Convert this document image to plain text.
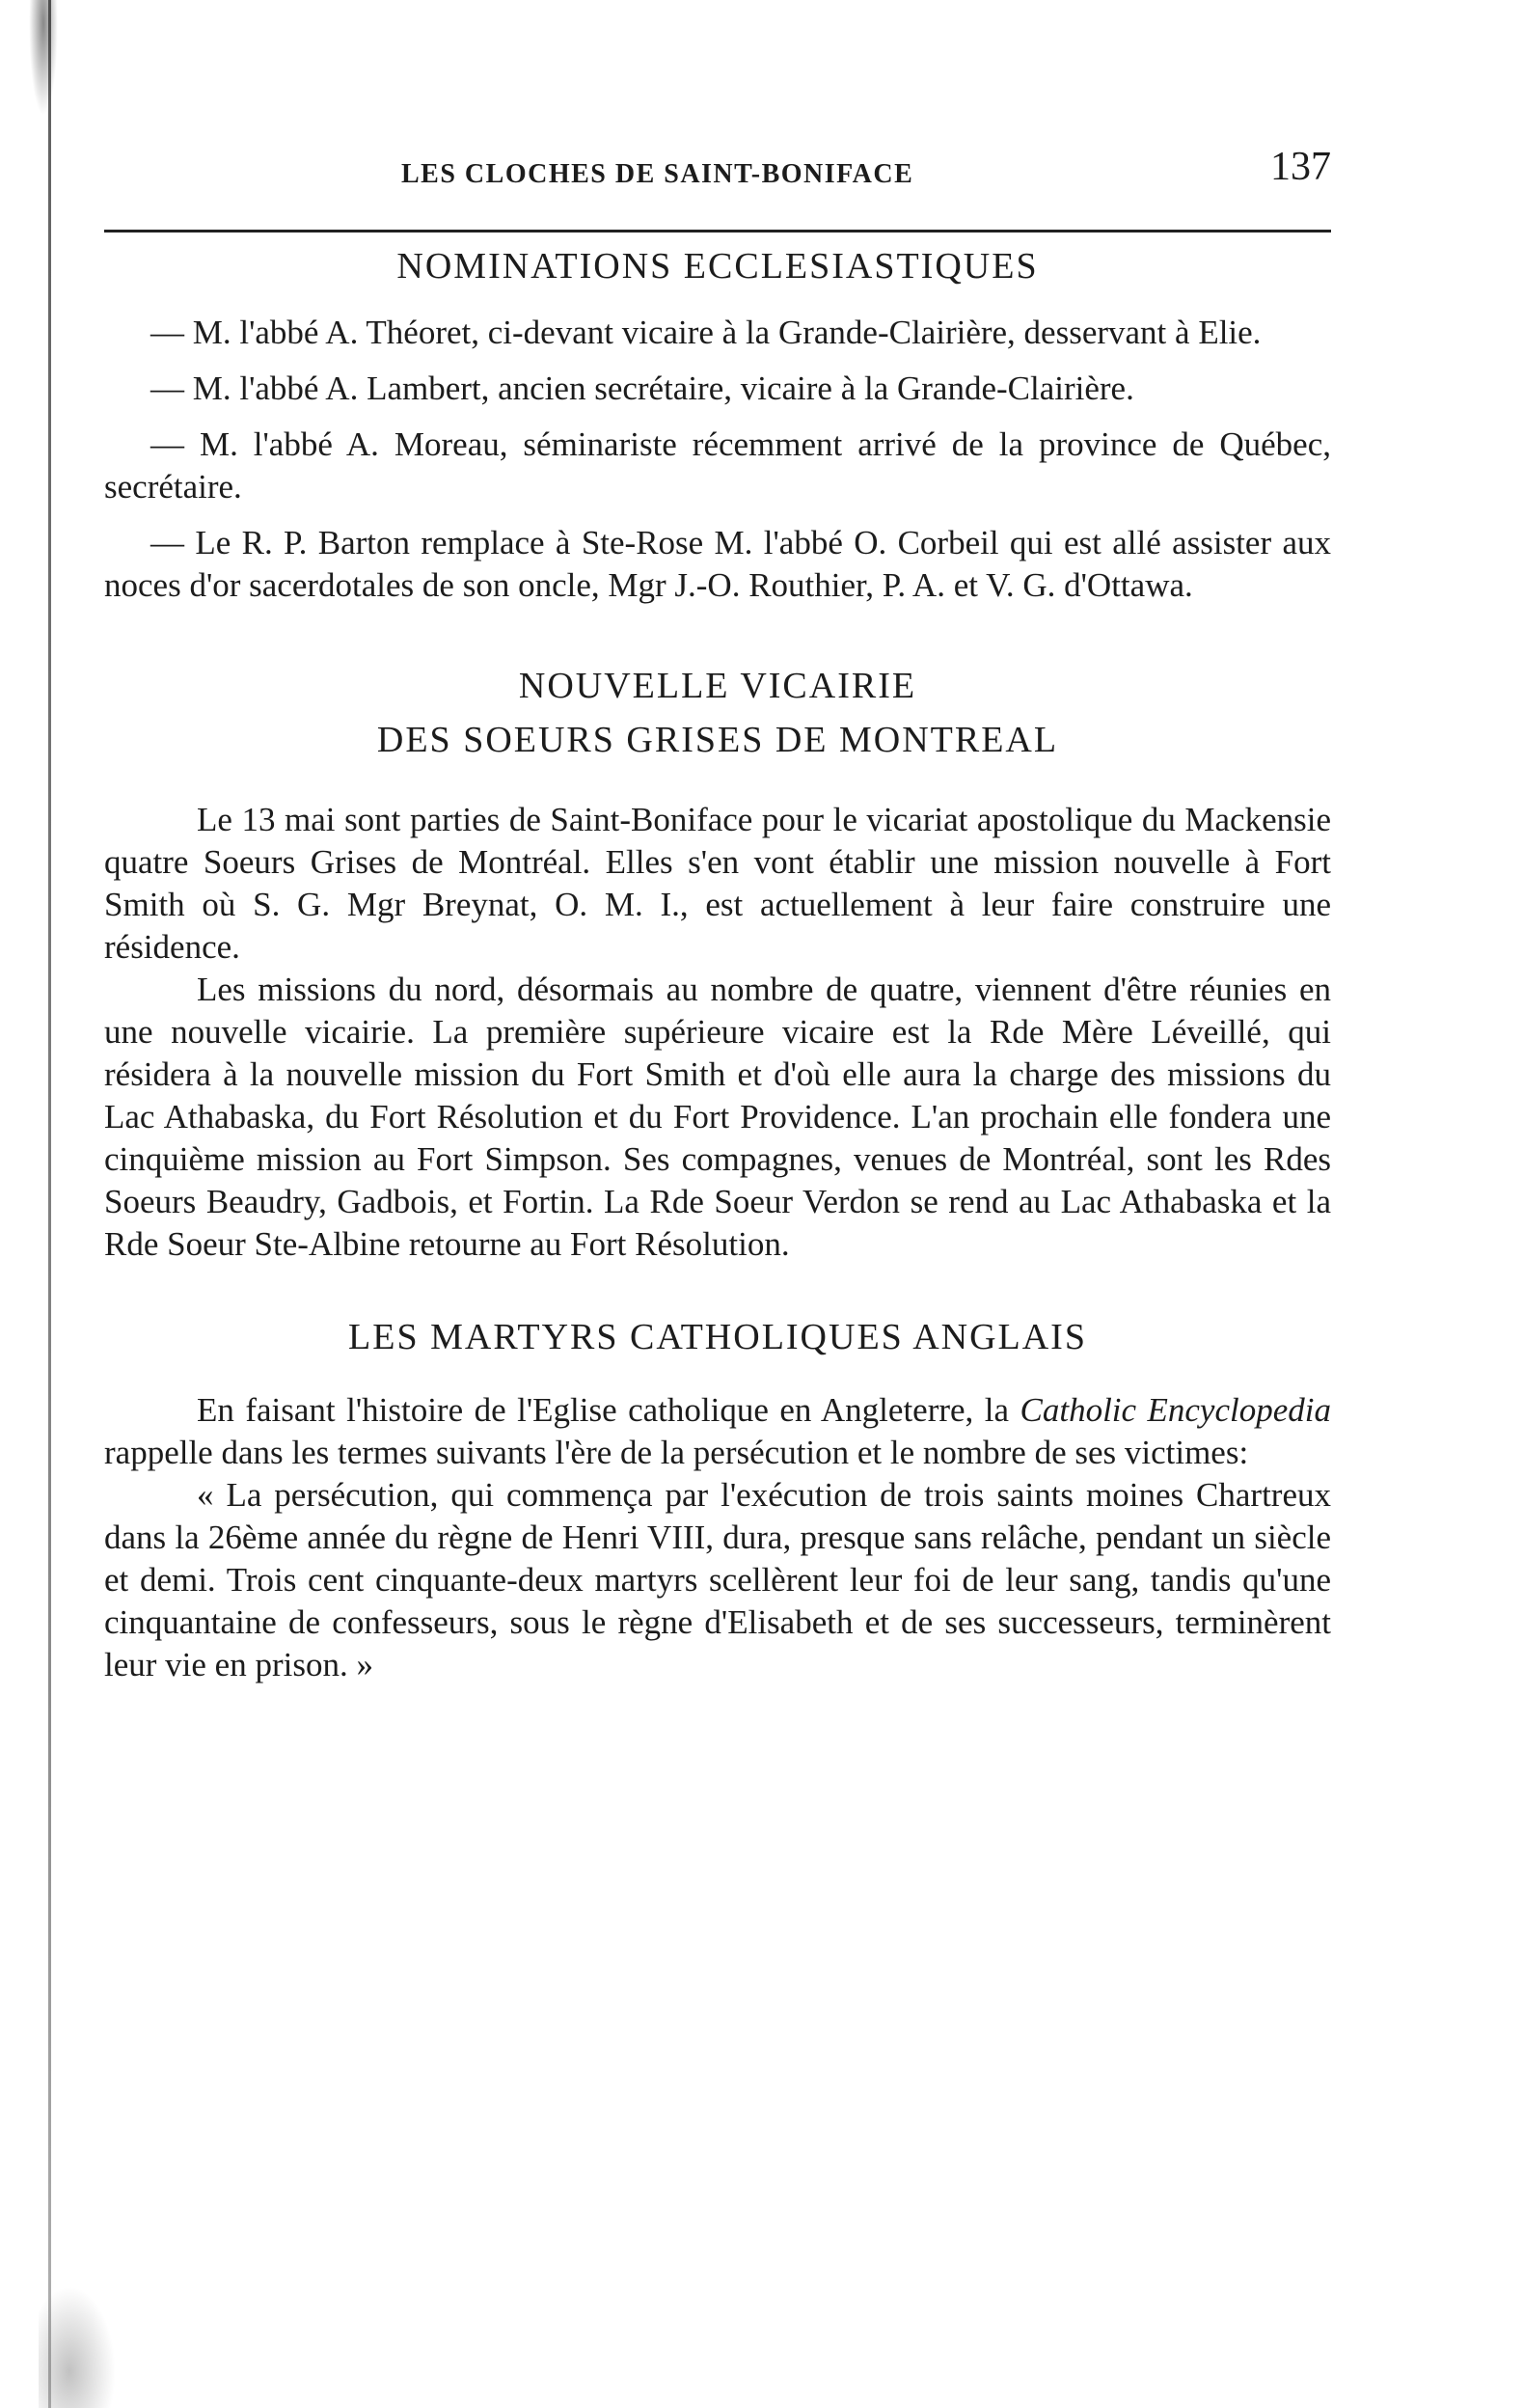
LES CLOCHES DE SAINT-BONIFACE	137
NOMINATIONS ECCLESIASTIQUES

— M. l'abbé A. Théoret, ci-devant vicaire à la Grande-Clairière, desservant à Elie.

— M. l'abbé A. Lambert, ancien secrétaire, vicaire à la Grande-Clairière.

— M. l'abbé A. Moreau, séminariste récemment arrivé de la province de Québec, secrétaire.

— Le R. P. Barton remplace à Ste-Rose M. l'abbé O. Corbeil qui est allé assister aux noces d'or sacerdotales de son oncle, Mgr J.-O. Routhier, P. A. et V. G. d'Ottawa.

NOUVELLE VICAIRIE
DES SOEURS GRISES DE MONTREAL

Le 13 mai sont parties de Saint-Boniface pour le vicariat apostolique du Mackensie quatre Soeurs Grises de Montréal. Elles s'en vont établir une mission nouvelle à Fort Smith où S. G. Mgr Breynat, O. M. I., est actuellement à leur faire construire une résidence.

Les missions du nord, désormais au nombre de quatre, viennent d'être réunies en une nouvelle vicairie. La première supérieure vicaire est la Rde Mère Léveillé, qui résidera à la nouvelle mission du Fort Smith et d'où elle aura la charge des missions du Lac Athabaska, du Fort Résolution et du Fort Providence. L'an prochain elle fondera une cinquième mission au Fort Simpson. Ses compagnes, venues de Montréal, sont les Rdes Soeurs Beaudry, Gadbois, et Fortin. La Rde Soeur Verdon se rend au Lac Athabaska et la Rde Soeur Ste-Albine retourne au Fort Résolution.

LES MARTYRS CATHOLIQUES ANGLAIS

En faisant l'histoire de l'Eglise catholique en Angleterre, la Catholic Encyclopedia rappelle dans les termes suivants l'ère de la persécution et le nombre de ses victimes:

« La persécution, qui commença par l'exécution de trois saints moines Chartreux dans la 26ème année du règne de Henri VIII, dura, presque sans relâche, pendant un siècle et demi. Trois cent cinquante-deux martyrs scellèrent leur foi de leur sang, tandis qu'une cinquantaine de confesseurs, sous le règne d'Elisabeth et de ses successeurs, terminèrent leur vie en prison. »
